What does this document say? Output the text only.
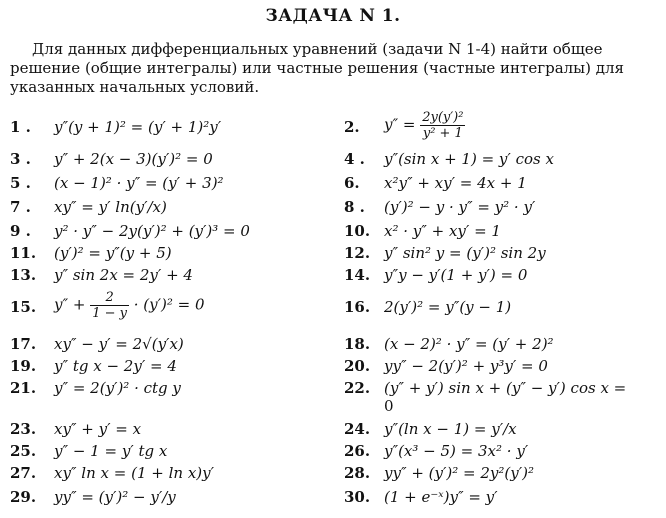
ЗАДАЧА N 1.
Для данных дифференциальных уравнений (задачи N 1-4) найти общее
решение (общие интегралы) или частные решения (частные интегралы) для
указанных начальных условий.
1 . y″(y + 1)² = (y′ + 1)²y′	2. $y'' = \frac{\text{2y(y′)²}}{\text{y² + 1}}$
3 . y″ + 2(x − 3)(y′)² = 0	4 . y″(sin x + 1) = y′ cos x
5 . (x − 1)² · y″ = (y′ + 3)²	6. x²y″ + xy′ = 4x + 1
7 . xy″ = y′ ln(y′/x)	8 . (y′)² − y · y″ = y² · y′
9 . y² · y″ − 2y(y′)² + (y′)³ = 0	10. x² · y″ + xy′ = 1
11. (y′)² = y″(y + 5)	12. y″ sin² y = (y′)² sin 2y
13. y″ sin 2x = 2y′ + 4	14. y″y − y′(1 + y′) = 0
15. $y'' + \frac{2}{1 - y} \cdot (y')^2 = 0$	16. 2(y′)² = y″(y − 1)
17. xy″ − y′ = 2√(y′x)	18. (x − 2)² · y″ = (y′ + 2)²
19. y″ tg x − 2y′ = 4	20. yy″ − 2(y′)² + y³y′ = 0
21. y″ = 2(y′)² · ctg y	22. (y″ + y′) sin x + (y″ − y′) cos x =
0
23. xy″ + y′ = x	24. y″(ln x − 1) = y′/x
25. y″ − 1 = y′ tg x	26. y″(x³ − 5) = 3x² · y′
27. xy″ ln x = (1 + ln x)y′	28. yy″ + (y′)² = 2y²(y′)²
29. yy″ = (y′)² − y′/y	30. (1 + e⁻ˣ)y″ = y′
